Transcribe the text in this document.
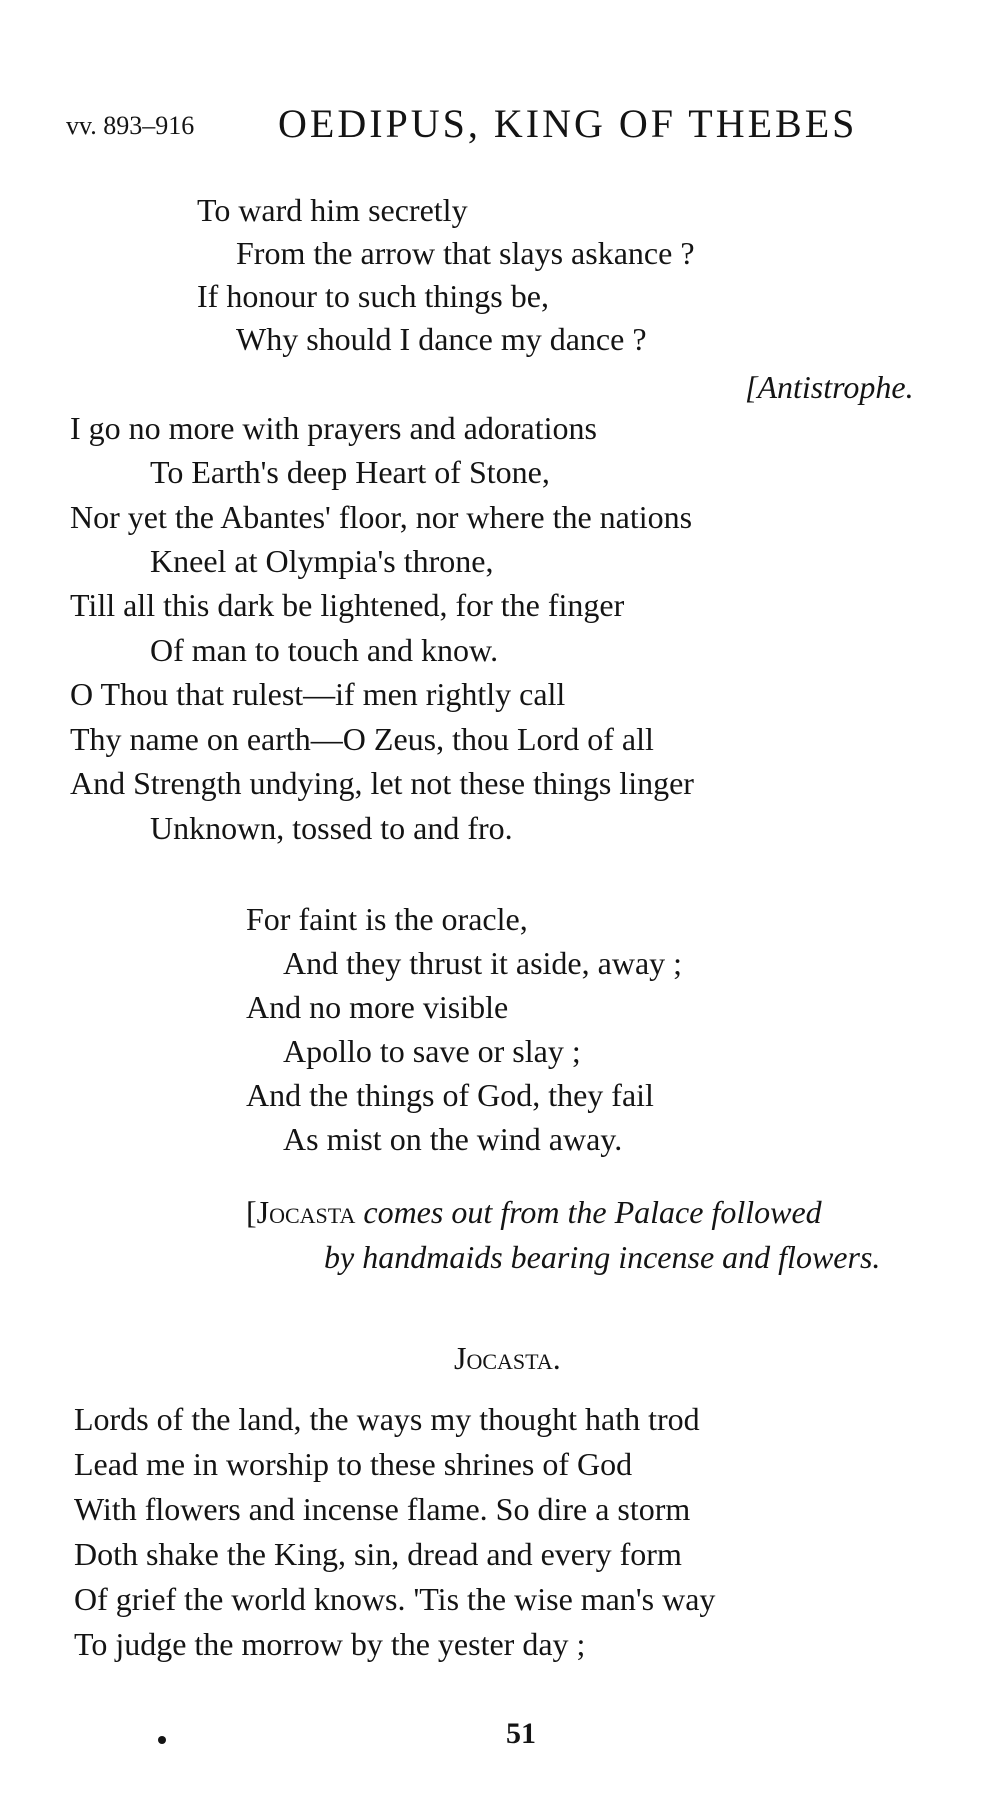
vv. 893–916 OEDIPUS, KING OF THEBES
To ward him secretly
From the arrow that slays askance ?
If honour to such things be,
Why should I dance my dance ?
[Antistrophe.
I go no more with prayers and adorations
To Earth's deep Heart of Stone,
Nor yet the Abantes' floor, nor where the nations
Kneel at Olympia's throne,
Till all this dark be lightened, for the finger
Of man to touch and know.
O Thou that rulest—if men rightly call
Thy name on earth—O Zeus, thou Lord of all
And Strength undying, let not these things linger
Unknown, tossed to and fro.
For faint is the oracle,
And they thrust it aside, away ;
And no more visible
Apollo to save or slay ;
And the things of God, they fail
As mist on the wind away.
[Jocasta comes out from the Palace followed
by handmaids bearing incense and flowers.
Jocasta.
Lords of the land, the ways my thought hath trod
Lead me in worship to these shrines of God
With flowers and incense flame. So dire a storm
Doth shake the King, sin, dread and every form
Of grief the world knows. 'Tis the wise man's way
To judge the morrow by the yester day ;
51
